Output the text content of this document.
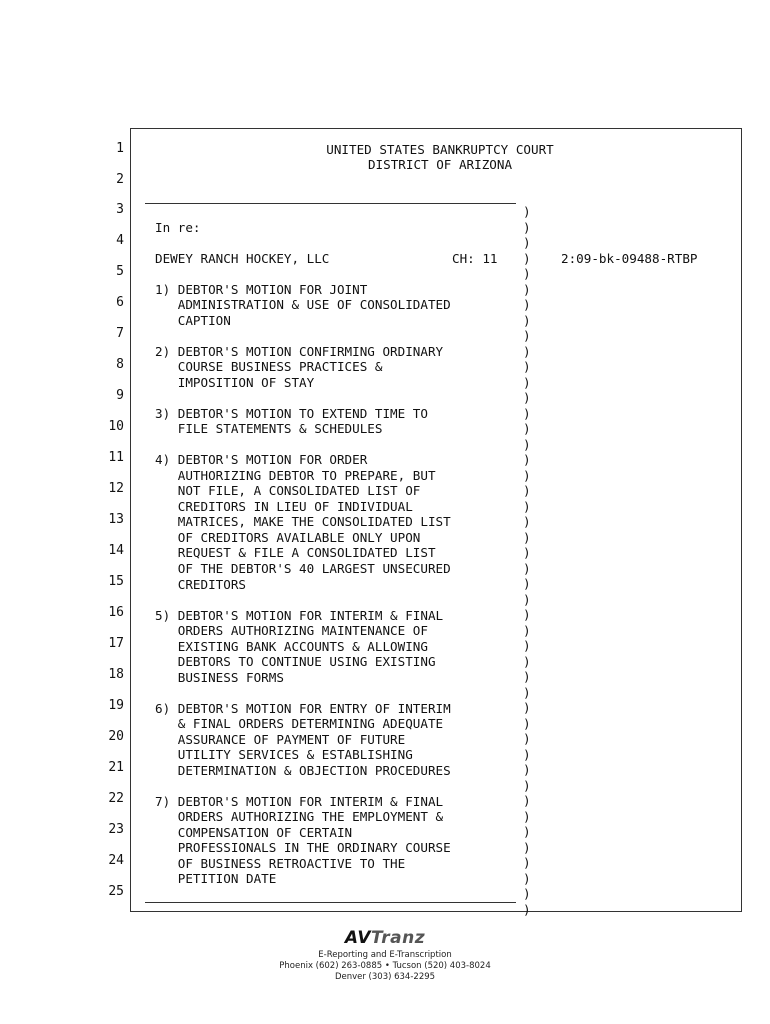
1
2
3
4
5
6
7
8
9
10
11
12
13
14
15
16
17
18
19
20
21
22
23
24
25
UNITED STATES BANKRUPTCY COURT
DISTRICT OF ARIZONA
)
)
)
)
)
)
)
)
)
)
)
)
)
)
)
)
)
)
)
)
)
)
)
)
)
)
)
)
)
)
)
)
)
)
)
)
)
)
)
)
)
)
)
)
)
)
In re:
DEWEY RANCH HOCKEY, LLC	CH: 11	2:09-bk-09488-RTBP
1) DEBTOR'S MOTION FOR JOINT
ADMINISTRATION & USE OF CONSOLIDATED
CAPTION
2) DEBTOR'S MOTION CONFIRMING ORDINARY
COURSE BUSINESS PRACTICES &
IMPOSITION OF STAY
3) DEBTOR'S MOTION TO EXTEND TIME TO
FILE STATEMENTS & SCHEDULES
4) DEBTOR'S MOTION FOR ORDER
AUTHORIZING DEBTOR TO PREPARE, BUT
NOT FILE, A CONSOLIDATED LIST OF
CREDITORS IN LIEU OF INDIVIDUAL
MATRICES, MAKE THE CONSOLIDATED LIST
OF CREDITORS AVAILABLE ONLY UPON
REQUEST & FILE A CONSOLIDATED LIST
OF THE DEBTOR'S 40 LARGEST UNSECURED
CREDITORS
5) DEBTOR'S MOTION FOR INTERIM & FINAL
ORDERS AUTHORIZING MAINTENANCE OF
EXISTING BANK ACCOUNTS & ALLOWING
DEBTORS TO CONTINUE USING EXISTING
BUSINESS FORMS
6) DEBTOR'S MOTION FOR ENTRY OF INTERIM
& FINAL ORDERS DETERMINING ADEQUATE
ASSURANCE OF PAYMENT OF FUTURE
UTILITY SERVICES & ESTABLISHING
DETERMINATION & OBJECTION PROCEDURES
7) DEBTOR'S MOTION FOR INTERIM & FINAL
ORDERS AUTHORIZING THE EMPLOYMENT &
COMPENSATION OF CERTAIN
PROFESSIONALS IN THE ORDINARY COURSE
OF BUSINESS RETROACTIVE TO THE
PETITION DATE
AVTranz
E-Reporting and E-Transcription
Phoenix (602) 263-0885 • Tucson (520) 403-8024
Denver (303) 634-2295
